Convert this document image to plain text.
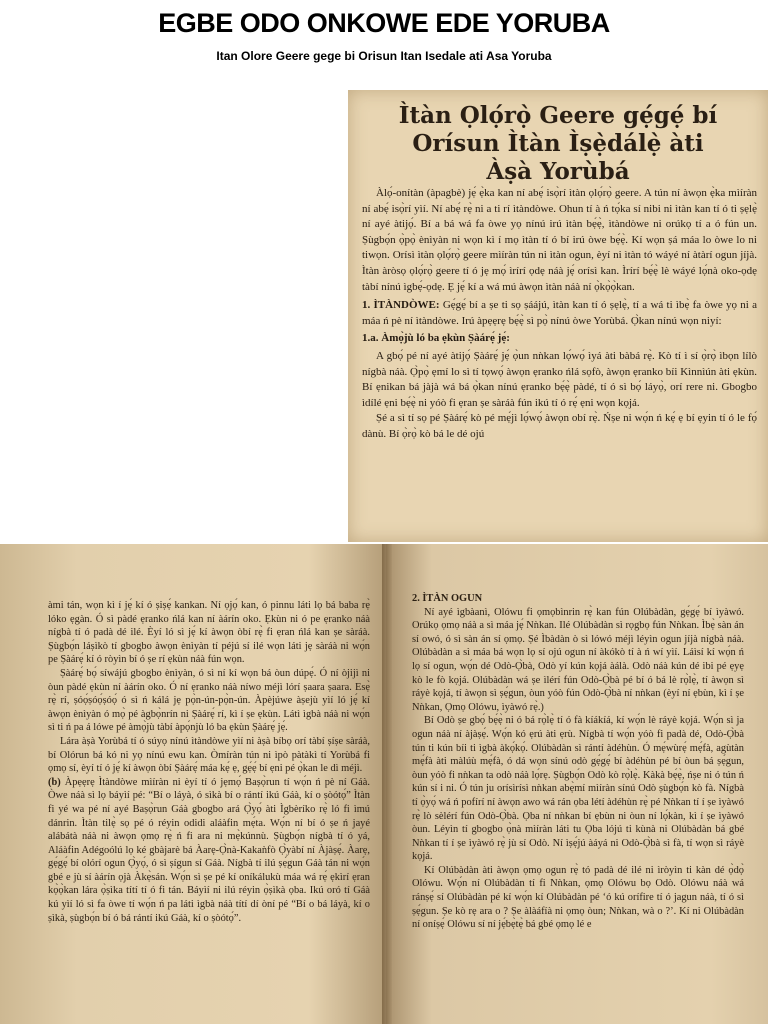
EGBE ODO ONKOWE EDE YORUBA
Itan Olore Geere gege bi Orisun Itan Isedale ati Asa Yoruba
Ìtàn Ọlọ́rọ̀ Geere gẹ́gẹ́ bí
Orísun Ìtàn Ìṣẹ̀dálẹ̀ àti
Àṣà Yorùbá

Àlọ́-onítàn (àpagbè) jẹ́ ẹ̀ka kan ní abẹ́ isọ̀rí ìtàn ọlọ́rọ̀ geere. A tún ní àwọn ẹ̀ka mìíràn ní abẹ́ isọ̀rí yìí. Ní abẹ́ rẹ̀ ni a ti rí ìtàndòwe. Ohun tí à ń tọ́ka sí nibi ni ìtàn kan tí ó ti ṣẹlẹ̀ ní ayé àtijọ́. Bí a bá wá fa òwe yọ nínú irú ìtàn bẹ́ẹ̀, ìtàndòwe ni orúkọ tí a ó fún un. Ṣùgbọ́n ọ̀pọ̀ ènìyàn ni wọn kì í mọ ìtàn tí ó bí irú òwe bẹ́ẹ̀. Kí wọn ṣá máa lo òwe lo ni tiwọn. Orísì ìtàn ọlọ́rọ̀ geere mìíràn tún ni ìtàn ogun, èyí ni ìtàn tó wáyé ní àtàrí ogun jíjà. Ìtàn àròsọ ọlọ́rọ̀ geere tí ó jẹ mọ́ ìrírí ọdẹ náà jẹ́ orísì kan. Ìrírí bẹ́ẹ̀ lè wáyé lọ́nà oko-ọdẹ tàbí nínú ìgbẹ́-ọdẹ. Ẹ jẹ́ kí a wá mú àwọn ìtàn náà ní ọ̀kọ̀ọ̀kan.

1. ÌTÀNDÒWE: Gẹ́gẹ́ bí a ṣe ti sọ ṣáájú, ìtàn kan tí ó ṣẹlẹ̀, tí a wá ti ìbẹ̀ fa òwe yọ ni a máa ń pè ní ìtàndòwe. Irú àpẹẹrẹ bẹ́ẹ̀ sì pọ̀ nínú òwe Yorùbá. Ọ̀kan nínú wọn niyí:

1.a. Àmọ̀jù ló ba ẹkùn Ṣàárẹ́ jẹ́:

A gbọ́ pé ní ayé àtijọ́ Ṣàárẹ́ jẹ́ ọ̀un nǹkan lọ́wọ́ ìyá àti bàbá rẹ̀. Kò tí ì sí ọ̀rọ̀ ìbọn lílò nígbà náà. Ọ̀pọ̀ ẹmí lo sì tí tọwọ́ àwọn ẹranko ńlá sọfò, àwọn ẹranko bíi Kìnnìún àti ẹkùn. Bí ẹnikan bá jàjà wá bá ọ̀kan nínú ẹranko bẹ́ẹ̀ pàdé, tí ó sì bọ́ láyọ̀, orí rere ni. Gbogbo ìdílé ẹni bẹ́ẹ̀ ni yóò fi ẹran ṣe sàráà fún ikú tí ó rẹ́ ẹni wọn kọjá.

Ṣé a sì tí sọ pé Ṣàárẹ́ kò pé mẹ́jì lọ́wọ́ àwọn obí rẹ̀. Ńṣe ni wọ́n ń kẹ́ ẹ bí ẹyin tí ó le fọ́ dànù. Bí ọ̀rọ̀ kò bá le dé ojú

àmi tán, wọn kì í jẹ́ kí ó ṣiṣẹ́ kankan. Ní ọjọ́ kan, ó pinnu láti lọ bá baba rẹ̀ lóko ẹgàn. Ó sì pàdé ẹranko ńlá kan ní àárín oko. Ẹkùn ni ó pe ẹranko náà nígbà tí ó padà dé ilé. Èyí ló sì jẹ́ kí àwọn òbí rẹ̀ fi ẹran ńlá kan ṣe sàráà. Ṣùgbọ́n láṣìkò tí gbogbo àwọn ènìyàn tí péjú sí ilé wọn láti jẹ sàráà ni wọ́n pe Ṣàárẹ́ kí ó ròyìn bí ó ṣe rí ẹkùn náà fún wọn.

Ṣàárẹ́ bọ́ síwájú gbogbo ènìyàn, ó sì ní kí wọn bá òun dúpẹ́. Ó ní òjijì ni òun pàdé ẹkùn ní àárín oko. Ó ní ẹranko náà níwo méjì lórí ṣaara ṣaara. Esẹ̀ rẹ̀ rí, ṣóọ́ṣóọ́ṣóọ́ ó sì ń kálá jẹ pọ̀n-ún-pọ̀n-ún. Àpèjúwe àṣejù yìí ló jẹ́ kí àwọn ènìyàn ó mọ̀ pé àgbọ̀nrín ni Ṣàárẹ́ rí, kì í ṣe ẹkùn. Látì ìgbà náà ni wọ́n sì ti ń pa á lówe pé àmọ̀jù tàbí àpọ́njù ló ba ẹkùn Ṣàárẹ́ jẹ́.

Lára àṣà Yorùbá tí ó súyọ nínú ìtàndòwe yìí ni àṣà bíbọ orí tàbí ṣíṣe sàráà, bí Olórun bá kó ni yọ nínú ewu kan. Òmíràn tún ni ìpò pàtàkì tí Yorùbá fi ọmọ sí, èyí tí ó jẹ́ kí àwọn òbí Ṣàárẹ́ máa kẹ́ ẹ, gẹ́ẹ́ bí ẹni pé ọ̀kan le dì méjì.

(b) Àpẹẹrẹ Ìtàndòwe mìíràn ni èyí tí ó jẹmọ́ Baṣọ̀run tí wọ́n ń pè ní Gáà. Òwe náà sì lọ báyìí pé: “Bí o láyà, ó sìkà bí o rántí ikú Gáà, kí o ṣòótọ́” Ìtàn fi yé wa pé ní ayé Baṣọ̀run Gáà gbogbo ará Ọ̀yọ́ àti Ìgbèríko rẹ̀ ló fi ìmú dánrin. Ìtàn tilẹ̀ sọ pé ó réyin odidi aláàfin mẹ́ta. Wọ́n ní bí ó ṣe ń jayé alábátà náà ni àwọn ọmọ rẹ̀ ń fi ara ni mẹ̀kúnnù. Ṣùgbọ́n nígbà tí ó yá, Aláàfin Adégoólú lọ ké gbàjarè bá Àarẹ-Ọ̀nà-Kakaǹfò Ọ̀yàbí ní Àjàṣẹ́. Àarẹ, gẹ́gẹ́ bí olórí ogun Ọ̀yọ́, ó sì ṣígun sí Gáà. Nígbà tí ilú ṣẹ́gun Gáà tán ni wọ́n gbé e jù sí àárín ọjà Àkẹ̀sán. Wọ́n sì ṣe pé kí oníkálukù máa wá rẹ́ ẹkìrí ẹran kọ̀ọ̀kan lára ọ̀ṣìka títí tí ó fi tán. Báyìí ni ilú réyin ọ̀ṣìkà ọba. Ikú oró tí Gáà kú yìí ló sì fa òwe tí wọ́n ń pa láti ìgbà náà títí dí òní pé “Bí o bá láyà, kí o ṣìkà, ṣùgbọ́n bí ó bá rántí ikú Gáà, kí o ṣòótọ́”.

2. ÌTÀN OGUN

Ní ayé ìgbàanì, Olówu fi ọmọbìnrin rẹ̀ kan fún Olúbàdàn, gẹ́gẹ́ bí ìyàwó. Orúkọ ọmọ náà a sì máa jẹ́ Nǹkan. Ilé Olúbàdàn sì rọgbọ fún Nǹkan. Ìbẹ̀ sàn án sí owó, ó sì sàn án sí ọmọ. Ṣé Ìbàdàn ò sì lówó méjì léyìn ogun jíjà nígbà náà. Olúbàdàn a sì máa bá wọn lọ sí ojú ogun ní àkókò tí à ń wí yìí. Láìsí kí wọ́n ń lọ sí ogun, wọ́n dé Odò-Ọ̀bà, Odò yí kún kọjá àálà. Odò náà kún dé ibi pé ẹyẹ kò le fò kọjá. Olúbàdàn wá ṣe ìlérí fún Odò-Ọ̀bà pé bí ó bá lè rọ̀lẹ̀, tí àwọn sì ráyè kọjá, tí àwọn sì ṣẹ́gun, òun yóò fún Odò-Ọ̀bà ní nǹkan (èyí ní ẹbùn, kì í ṣe Nǹkan, Ọmọ Olówu, ìyàwó rẹ̀.)

Bí Odò ṣe gbọ́ bẹ́ẹ̀ ni ó bá rọ̀lẹ̀ tí ó fà kíákíá, kí wọ́n lè ráyè kọjá. Wọ́n sì ja ogun náà ní àjàṣẹ́. Wọ́n kó ẹrú àti ẹrù. Nígbà tí wọ́n yóò fi padà dé, Odò-Ọ̀bà tún ti kún bíi ti ìgbà àkọ́kọ́. Olúbàdàn sì rántí àdéhùn. Ó mẹ́wùrẹ́ mẹ́fà, agùtàn mẹ́fà àti màlúù mẹ́fà, ó dá wọn sínú odò gẹ́gẹ́ bí àdéhùn pé bí òun bá ṣẹ́gun, òun yóò fi nǹkan ta odò náà lọ́rẹ. Ṣùgbọ́n Odò kò rọ̀lẹ̀. Kàkà bẹ́ẹ̀, ńṣe ni ó tún ń kún sí i ni. Ó tún ju orísìrísì nǹkan abẹ̀mí mìíràn sínú Odò ṣùgbọ́n kò fà. Nígbà tí ọ̀yọ́ wá ń pofírí ní àwọn awo wá rán ọba létí àdéhùn rẹ̀ pé Nǹkan tí í ṣe ìyàwó rẹ̀ lò sèlérí fún Odò-Ọ̀bà. Ọba ní nǹkan bí ẹbùn ni òun ní lọ́kàn, kì í ṣe ìyàwó òun. Léyìn tí gbogbo ọ̀nà mìíràn láti tu Ọba lójú ti kùnà ni Olúbàdàn bá gbé Nǹkan tí í ṣe ìyàwó rẹ̀ jù sí Odò. Ní ìṣẹ́jú àáyá ni Odò-Ọ̀bà sì fà, tí wọn sì ráyè kọjá.

Kí Olúbàdàn àti àwọn ọmọ ogun rẹ̀ tó padà dé ilé ni ìròyìn ti kàn dé ọ̀dọ̀ Olówu. Wọ́n ní Olúbàdàn tí fi Nǹkan, ọmọ Olówu bọ Odò. Olówu náà wá ránṣẹ́ sí Olúbàdàn pé kí wọ́n kí Olúbàdàn pé ‘ó kú orífire tí ó jagun náà, tí ó sì ṣẹ́gun. Ṣe kò rẹ ara o ? Ṣe àlàáfíà ni ọmọ òun; Nǹkan, wà o ?’. Kí ni Olúbàdàn ní oníṣẹ́ Olówu sí ní jẹ́bẹ̀tẹ̀ bá gbé ọmọ lé e
